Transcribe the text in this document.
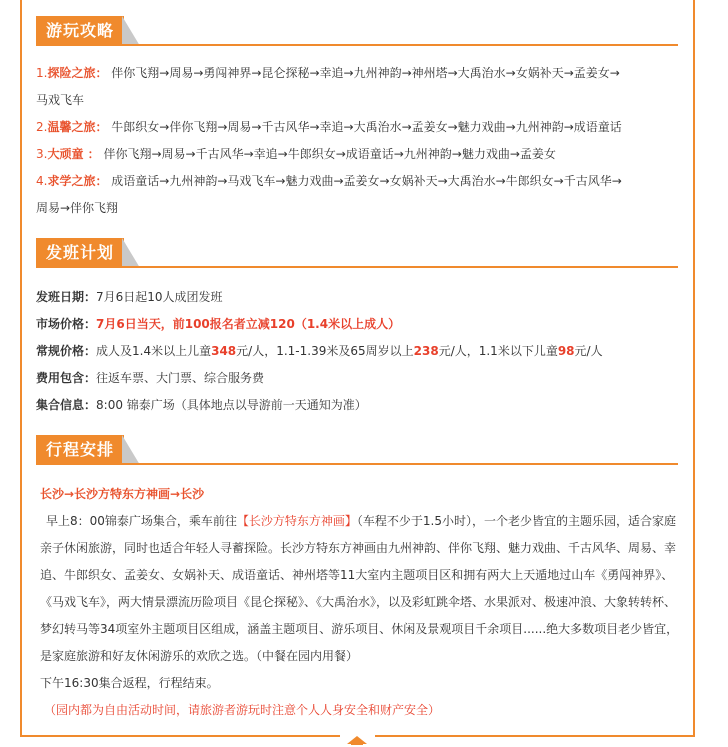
游玩攻略
1.探险之旅： 伴你飞翔→周易→勇闯神界→昆仑探秘→幸追→九州神韵→神州塔→大禹治水→女娲补天→孟姜女→
马戏飞车
2.温馨之旅： 牛郎织女→伴你飞翔→周易→千古风华→幸追→大禹治水→孟姜女→魅力戏曲→九州神韵→成语童话
3.大顽童 ： 伴你飞翔→周易→千古风华→幸追→牛郎织女→成语童话→九州神韵→魅力戏曲→孟姜女
4.求学之旅： 成语童话→九州神韵→马戏飞车→魅力戏曲→孟姜女→女娲补天→大禹治水→牛郎织女→千古风华→
周易→伴你飞翔
发班计划
发班日期：7月6日起10人成团发班
市场价格：7月6日当天，前100报名者立减120（1.4米以上成人）
常规价格：成人及1.4米以上儿童348元/人，1.1-1.39米及65周岁以上238元/人，1.1米以下儿童98元/人
费用包含：往返车票、大门票、综合服务费
集合信息：8:00 锦泰广场（具体地点以导游前一天通知为准）
行程安排
长沙→长沙方特东方神画→长沙
早上8：00锦泰广场集合，乘车前往【长沙方特东方神画】（车程不少于1.5小时），一个老少皆宜的主题乐园，适合家庭亲子休闲旅游，同时也适合年轻人寻蓄探险。长沙方特东方神画由九州神韵、伴你飞翔、魅力戏曲、千古风华、周易、幸追、牛郎织女、孟姜女、女娲补天、成语童话、神州塔等11大室内主题项目区和拥有两大上天遁地过山车《勇闯神界》、《马戏飞车》，两大情景漂流历险项目《昆仑探秘》、《大禹治水》，以及彩虹跳伞塔、水果派对、极速冲浪、大象转转杯、梦幻转马等34项室外主题项目区组成，涵盖主题项目、游乐项目、休闲及景观项目千余项目......绝大多数项目老少皆宜，是家庭旅游和好友休闲游乐的欢欣之选。（中餐在园内用餐）
下午16:30集合返程，行程结束。
（园内都为自由活动时间，请旅游者游玩时注意个人人身安全和财产安全）
